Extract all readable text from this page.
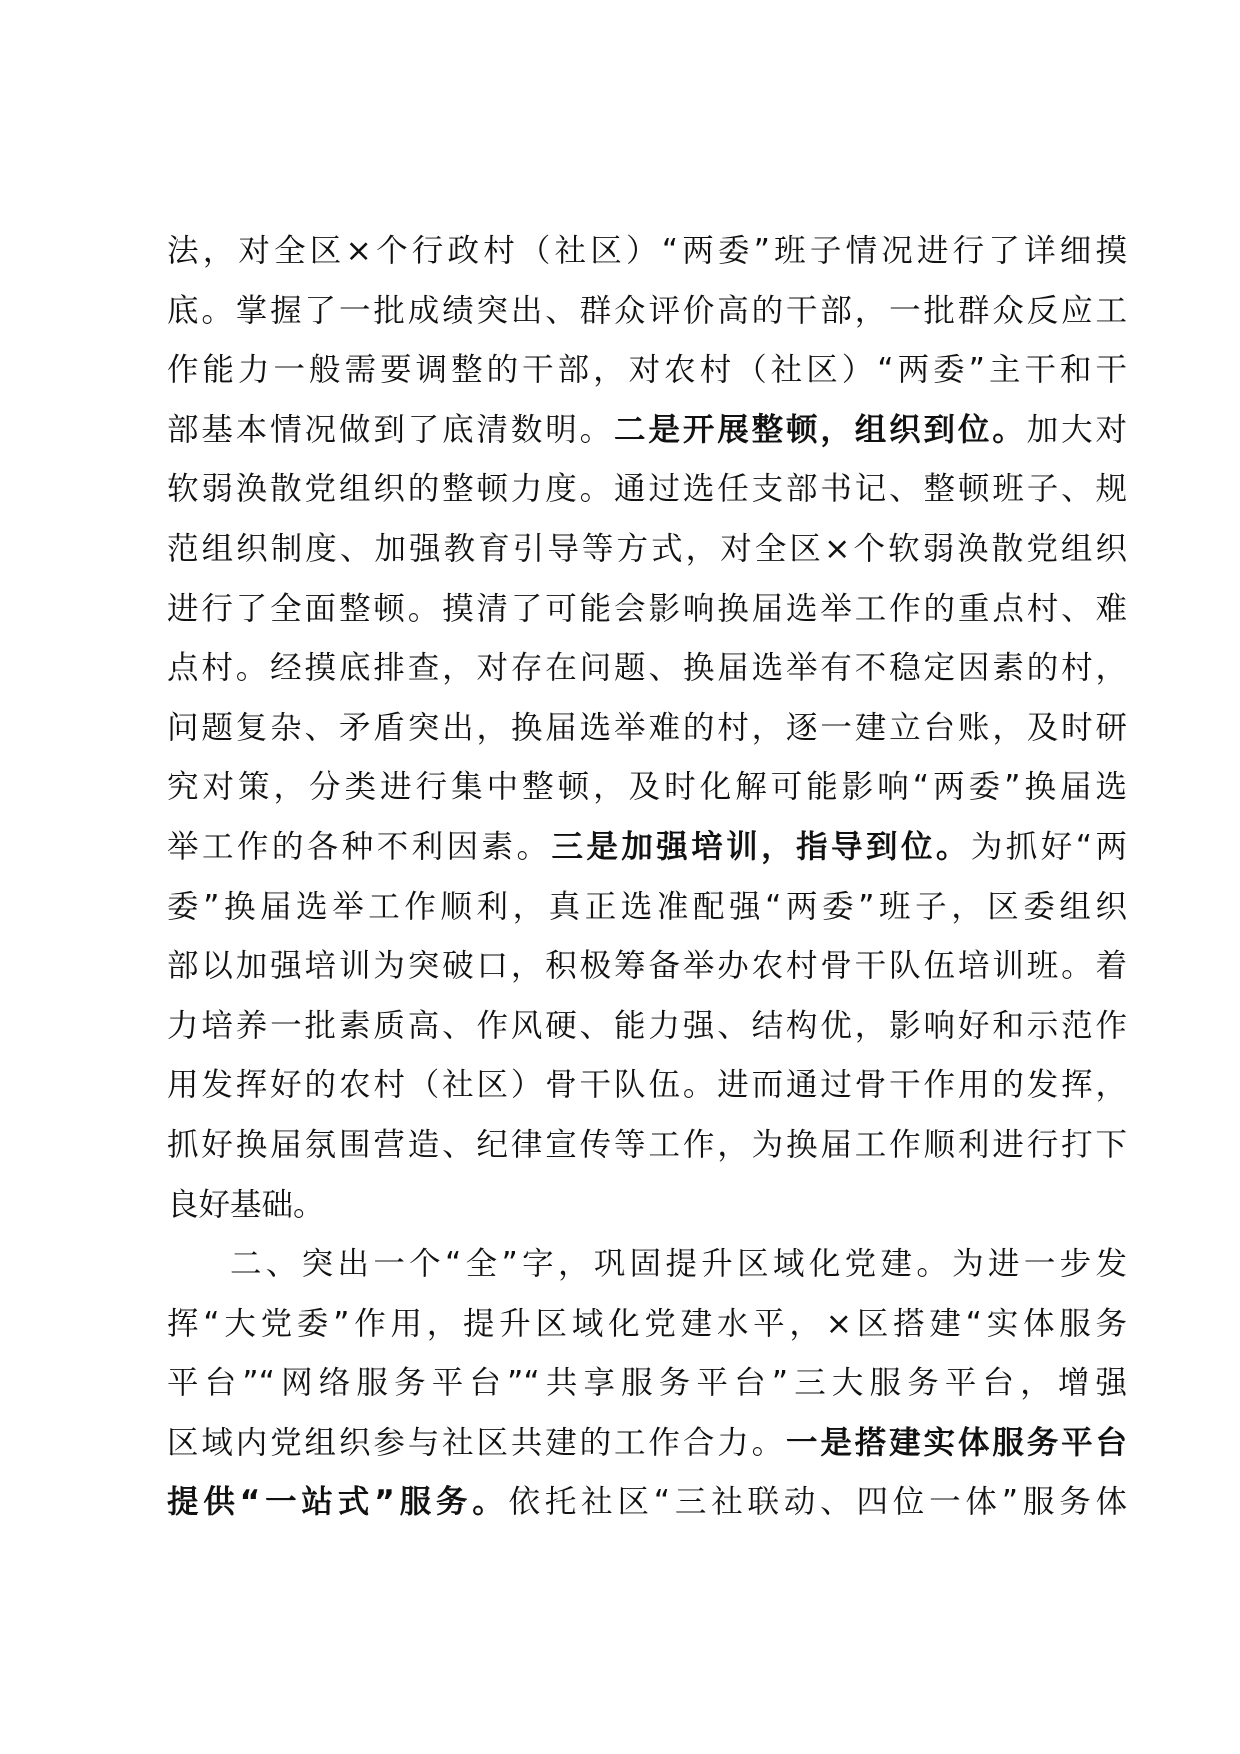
法，对全区×个行政村（社区）“两委”班子情况进行了详细摸
底。掌握了一批成绩突出、群众评价高的干部，一批群众反应工
作能力一般需要调整的干部，对农村（社区）“两委”主干和干
部基本情况做到了底清数明。二是开展整顿，组织到位。加大对
软弱涣散党组织的整顿力度。通过选任支部书记、整顿班子、规
范组织制度、加强教育引导等方式，对全区×个软弱涣散党组织
进行了全面整顿。摸清了可能会影响换届选举工作的重点村、难
点村。经摸底排查，对存在问题、换届选举有不稳定因素的村，
问题复杂、矛盾突出，换届选举难的村，逐一建立台账，及时研
究对策，分类进行集中整顿，及时化解可能影响“两委”换届选
举工作的各种不利因素。三是加强培训，指导到位。为抓好“两
委”换届选举工作顺利，真正选准配强“两委”班子，区委组织
部以加强培训为突破口，积极筹备举办农村骨干队伍培训班。着
力培养一批素质高、作风硬、能力强、结构优，影响好和示范作
用发挥好的农村（社区）骨干队伍。进而通过骨干作用的发挥，
抓好换届氛围营造、纪律宣传等工作，为换届工作顺利进行打下
良好基础。
二、突出一个“全”字，巩固提升区域化党建。为进一步发
挥“大党委”作用，提升区域化党建水平，×区搭建“实体服务
平台”“网络服务平台”“共享服务平台”三大服务平台，增强
区域内党组织参与社区共建的工作合力。一是搭建实体服务平台
提供“一站式”服务。依托社区“三社联动、四位一体”服务体
